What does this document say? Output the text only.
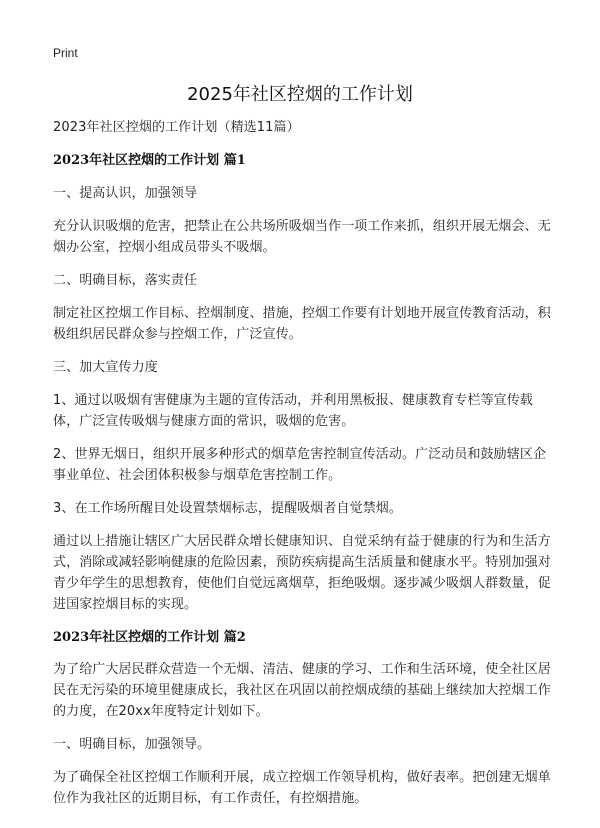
Print
2025年社区控烟的工作计划

2023年社区控烟的工作计划（精选11篇）

2023年社区控烟的工作计划 篇1

一、提高认识，加强领导

充分认识吸烟的危害，把禁止在公共场所吸烟当作一项工作来抓，组织开展无烟会、无烟办公室，控烟小组成员带头不吸烟。

二、明确目标，落实责任

制定社区控烟工作目标、控烟制度、措施，控烟工作要有计划地开展宣传教育活动，积极组织居民群众参与控烟工作，广泛宣传。

三、加大宣传力度

1、通过以吸烟有害健康为主题的宣传活动，并利用黑板报、健康教育专栏等宣传载体，广泛宣传吸烟与健康方面的常识，吸烟的危害。

2、世界无烟日，组织开展多种形式的烟草危害控制宣传活动。广泛动员和鼓励辖区企事业单位、社会团体积极参与烟草危害控制工作。

3、在工作场所醒目处设置禁烟标志，提醒吸烟者自觉禁烟。

通过以上措施让辖区广大居民群众增长健康知识、自觉采纳有益于健康的行为和生活方式，消除或减轻影响健康的危险因素，预防疾病提高生活质量和健康水平。特别加强对青少年学生的思想教育，使他们自觉远离烟草，拒绝吸烟。逐步减少吸烟人群数量，促进国家控烟目标的实现。

2023年社区控烟的工作计划 篇2

为了给广大居民群众营造一个无烟、清洁、健康的学习、工作和生活环境，使全社区居民在无污染的环境里健康成长，我社区在巩固以前控烟成绩的基础上继续加大控烟工作的力度，在20xx年度特定计划如下。

一、明确目标，加强领导。

为了确保全社区控烟工作顺利开展，成立控烟工作领导机构，做好表率。把创建无烟单位作为我社区的近期目标，有工作责任，有控烟措施。
